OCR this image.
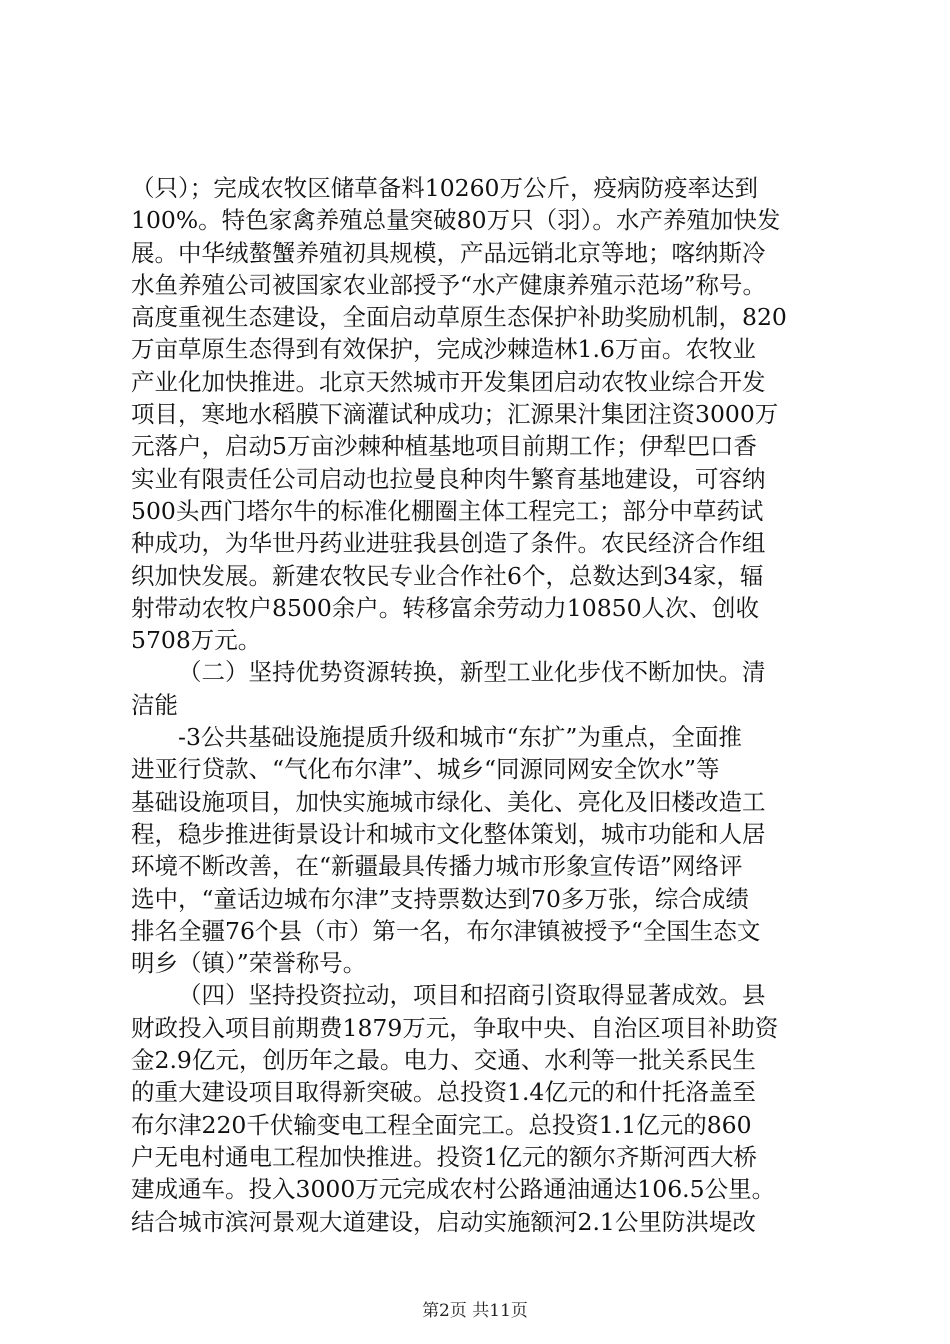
（只）；完成农牧区储草备料10260万公斤，疫病防疫率达到
100%。特色家禽养殖总量突破80万只（羽）。水产养殖加快发
展。中华绒螯蟹养殖初具规模，产品远销北京等地；喀纳斯冷
水鱼养殖公司被国家农业部授予“水产健康养殖示范场”称号。
高度重视生态建设，全面启动草原生态保护补助奖励机制，820
万亩草原生态得到有效保护，完成沙棘造林1.6万亩。农牧业
产业化加快推进。北京天然城市开发集团启动农牧业综合开发
项目，寒地水稻膜下滴灌试种成功；汇源果汁集团注资3000万
元落户，启动5万亩沙棘种植基地项目前期工作；伊犁巴口香
实业有限责任公司启动也拉曼良种肉牛繁育基地建设，可容纳
500头西门塔尔牛的标准化棚圈主体工程完工；部分中草药试
种成功，为华世丹药业进驻我县创造了条件。农民经济合作组
织加快发展。新建农牧民专业合作社6个，总数达到34家，辐
射带动农牧户8500余户。转移富余劳动力10850人次、创收
5708万元。
（二）坚持优势资源转换，新型工业化步伐不断加快。清
洁能
-3公共基础设施提质升级和城市“东扩”为重点，全面推
进亚行贷款、“气化布尔津”、城乡“同源同网安全饮水”等
基础设施项目，加快实施城市绿化、美化、亮化及旧楼改造工
程，稳步推进街景设计和城市文化整体策划，城市功能和人居
环境不断改善，在“新疆最具传播力城市形象宣传语”网络评
选中，“童话边城布尔津”支持票数达到70多万张，综合成绩
排名全疆76个县（市）第一名，布尔津镇被授予“全国生态文
明乡（镇）”荣誉称号。
（四）坚持投资拉动，项目和招商引资取得显著成效。县
财政投入项目前期费1879万元，争取中央、自治区项目补助资
金2.9亿元，创历年之最。电力、交通、水利等一批关系民生
的重大建设项目取得新突破。总投资1.4亿元的和什托洛盖至
布尔津220千伏输变电工程全面完工。总投资1.1亿元的860
户无电村通电工程加快推进。投资1亿元的额尔齐斯河西大桥
建成通车。投入3000万元完成农村公路通油通达106.5公里。
结合城市滨河景观大道建设，启动实施额河2.1公里防洪堤改
第2页 共11页
